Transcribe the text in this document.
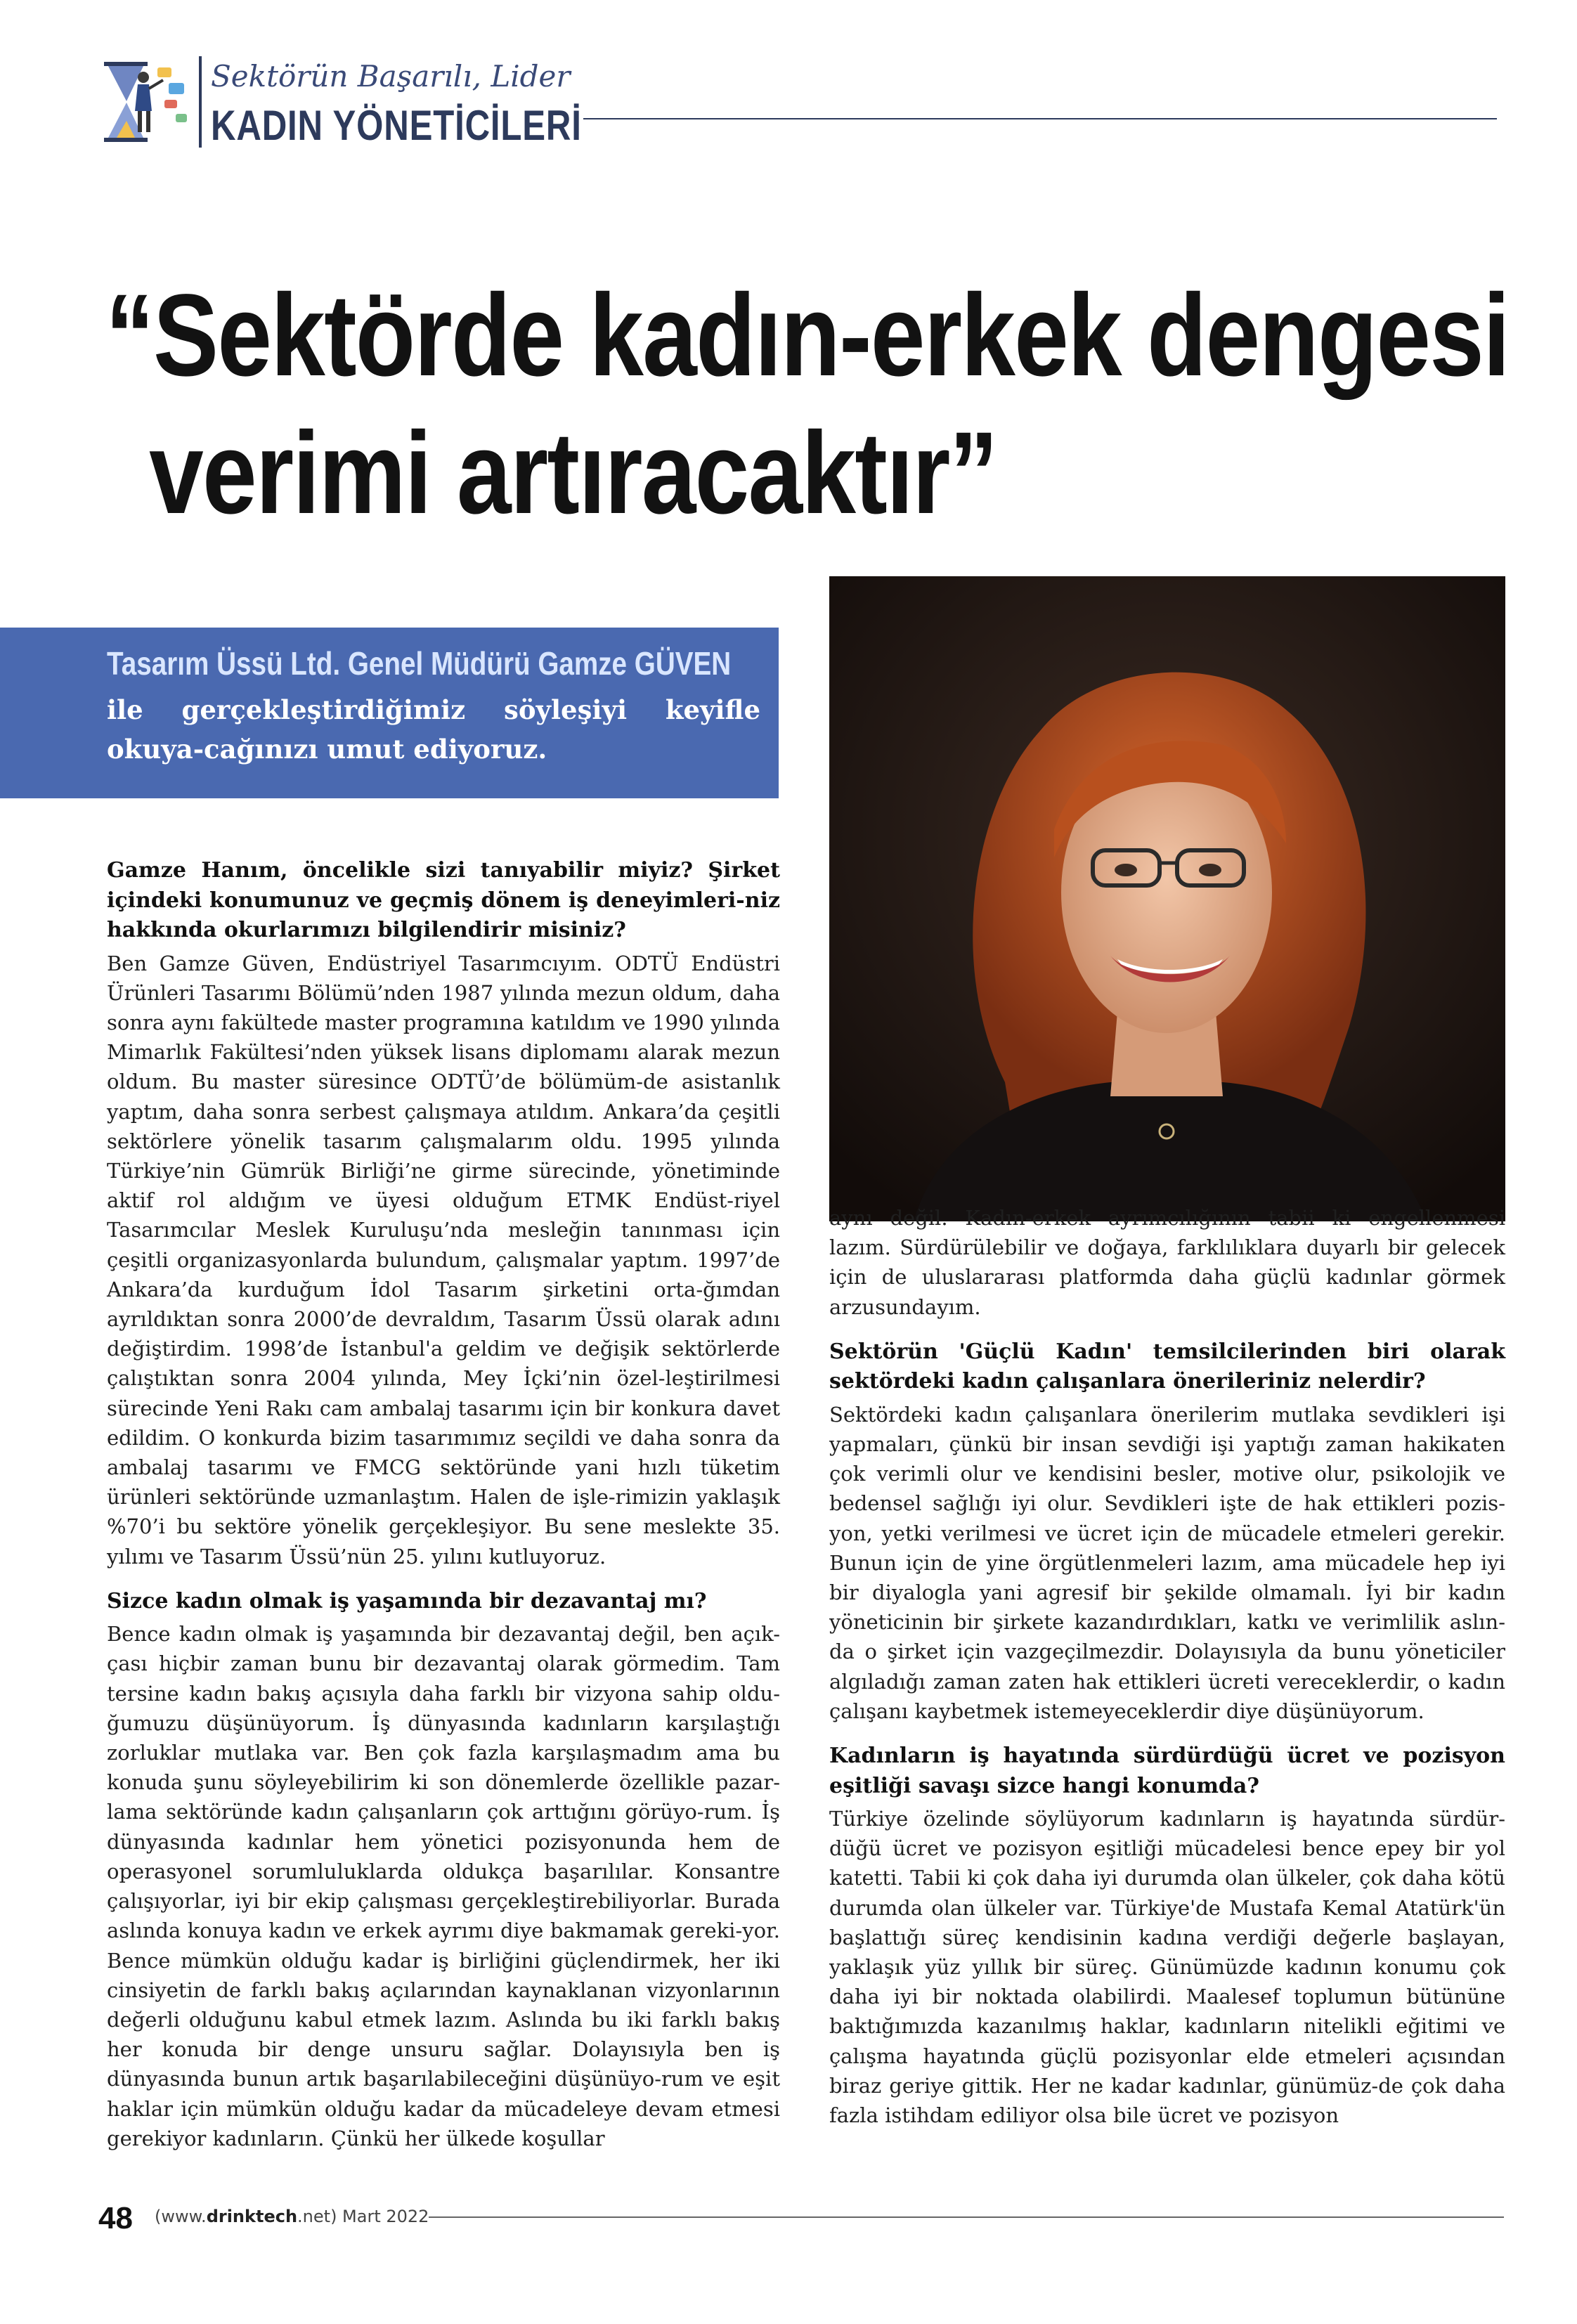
Sektörün Başarılı, Lider
KADIN YÖNETİCİLERİ
“Sektörde kadın-erkek dengesi
verimi artıracaktır”
Tasarım Üssü Ltd. Genel Müdürü Gamze GÜVEN
ile gerçekleştirdiğimiz söyleşiyi keyifle okuya-cağınızı umut ediyoruz.
Gamze Hanım, öncelikle sizi tanıyabilir miyiz? Şirket içindeki konumunuz ve geçmiş dönem iş deneyimleri-niz hakkında okurlarımızı bilgilendirir misiniz?

Ben Gamze Güven, Endüstriyel Tasarımcıyım. ODTÜ Endüstri Ürünleri Tasarımı Bölümü’nden 1987 yılında mezun oldum, daha sonra aynı fakültede master programına katıldım ve 1990 yılında Mimarlık Fakültesi’nden yüksek lisans diplomamı alarak mezun oldum. Bu master süresince ODTÜ’de bölümüm-de asistanlık yaptım, daha sonra serbest çalışmaya atıldım. Ankara’da çeşitli sektörlere yönelik tasarım çalışmalarım oldu. 1995 yılında Türkiye’nin Gümrük Birliği’ne girme sürecinde, yönetiminde aktif rol aldığım ve üyesi olduğum ETMK Endüst-riyel Tasarımcılar Meslek Kuruluşu’nda mesleğin tanınması için çeşitli organizasyonlarda bulundum, çalışmalar yaptım. 1997’de Ankara’da kurduğum İdol Tasarım şirketini orta-ğımdan ayrıldıktan sonra 2000’de devraldım, Tasarım Üssü olarak adını değiştirdim. 1998’de İstanbul'a geldim ve değişik sektörlerde çalıştıktan sonra 2004 yılında, Mey İçki’nin özel-leştirilmesi sürecinde Yeni Rakı cam ambalaj tasarımı için bir konkura davet edildim. O konkurda bizim tasarımımız seçildi ve daha sonra da ambalaj tasarımı ve FMCG sektöründe yani hızlı tüketim ürünleri sektöründe uzmanlaştım. Halen de işle-rimizin yaklaşık %70’i bu sektöre yönelik gerçekleşiyor. Bu sene meslekte 35. yılımı ve Tasarım Üssü’nün 25. yılını kutluyoruz.

Sizce kadın olmak iş yaşamında bir dezavantaj mı?

Bence kadın olmak iş yaşamında bir dezavantaj değil, ben açık-çası hiçbir zaman bunu bir dezavantaj olarak görmedim. Tam tersine kadın bakış açısıyla daha farklı bir vizyona sahip oldu-ğumuzu düşünüyorum. İş dünyasında kadınların karşılaştığı zorluklar mutlaka var. Ben çok fazla karşılaşmadım ama bu konuda şunu söyleyebilirim ki son dönemlerde özellikle pazar-lama sektöründe kadın çalışanların çok arttığını görüyo-rum. İş dünyasında kadınlar hem yönetici pozisyonunda hem de operasyonel sorumluluklarda oldukça başarılılar. Konsantre çalışıyorlar, iyi bir ekip çalışması gerçekleştirebiliyorlar. Burada aslında konuya kadın ve erkek ayrımı diye bakmamak gereki-yor. Bence mümkün olduğu kadar iş birliğini güçlendirmek, her iki cinsiyetin de farklı bakış açılarından kaynaklanan vizyonlarının değerli olduğunu kabul etmek lazım. Aslında bu iki farklı bakış her konuda bir denge unsuru sağlar. Dolayısıyla ben iş dünyasında bunun artık başarılabileceğini düşünüyo-rum ve eşit haklar için mümkün olduğu kadar da mücadeleye devam etmesi gerekiyor kadınların. Çünkü her ülkede koşullar

aynı değil. Kadın-erkek ayrımcılığının tabii ki engellenmesi lazım. Sürdürülebilir ve doğaya, farklılıklara duyarlı bir gelecek için de uluslararası platformda daha güçlü kadınlar görmek arzusundayım.

Sektörün 'Güçlü Kadın' temsilcilerinden biri olarak sektördeki kadın çalışanlara önerileriniz nelerdir?

Sektördeki kadın çalışanlara önerilerim mutlaka sevdikleri işi yapmaları, çünkü bir insan sevdiği işi yaptığı zaman hakikaten çok verimli olur ve kendisini besler, motive olur, psikolojik ve bedensel sağlığı iyi olur. Sevdikleri işte de hak ettikleri pozis-yon, yetki verilmesi ve ücret için de mücadele etmeleri gerekir. Bunun için de yine örgütlenmeleri lazım, ama mücadele hep iyi bir diyalogla yani agresif bir şekilde olmamalı. İyi bir kadın yöneticinin bir şirkete kazandırdıkları, katkı ve verimlilik aslın-da o şirket için vazgeçilmezdir. Dolayısıyla da bunu yöneticiler algıladığı zaman zaten hak ettikleri ücreti vereceklerdir, o kadın çalışanı kaybetmek istemeyeceklerdir diye düşünüyorum.

Kadınların iş hayatında sürdürdüğü ücret ve pozisyon eşitliği savaşı sizce hangi konumda?

Türkiye özelinde söylüyorum kadınların iş hayatında sürdür-düğü ücret ve pozisyon eşitliği mücadelesi bence epey bir yol katetti. Tabii ki çok daha iyi durumda olan ülkeler, çok daha kötü durumda olan ülkeler var. Türkiye'de Mustafa Kemal Atatürk'ün başlattığı süreç kendisinin kadına verdiği değerle başlayan, yaklaşık yüz yıllık bir süreç. Günümüzde kadının konumu çok daha iyi bir noktada olabilirdi. Maalesef toplumun bütününe baktığımızda kazanılmış haklar, kadınların nitelikli eğitimi ve çalışma hayatında güçlü pozisyonlar elde etmeleri açısından biraz geriye gittik. Her ne kadar kadınlar, günümüz-de çok daha fazla istihdam ediliyor olsa bile ücret ve pozisyon

48 (www.drinktech.net) Mart 2022
